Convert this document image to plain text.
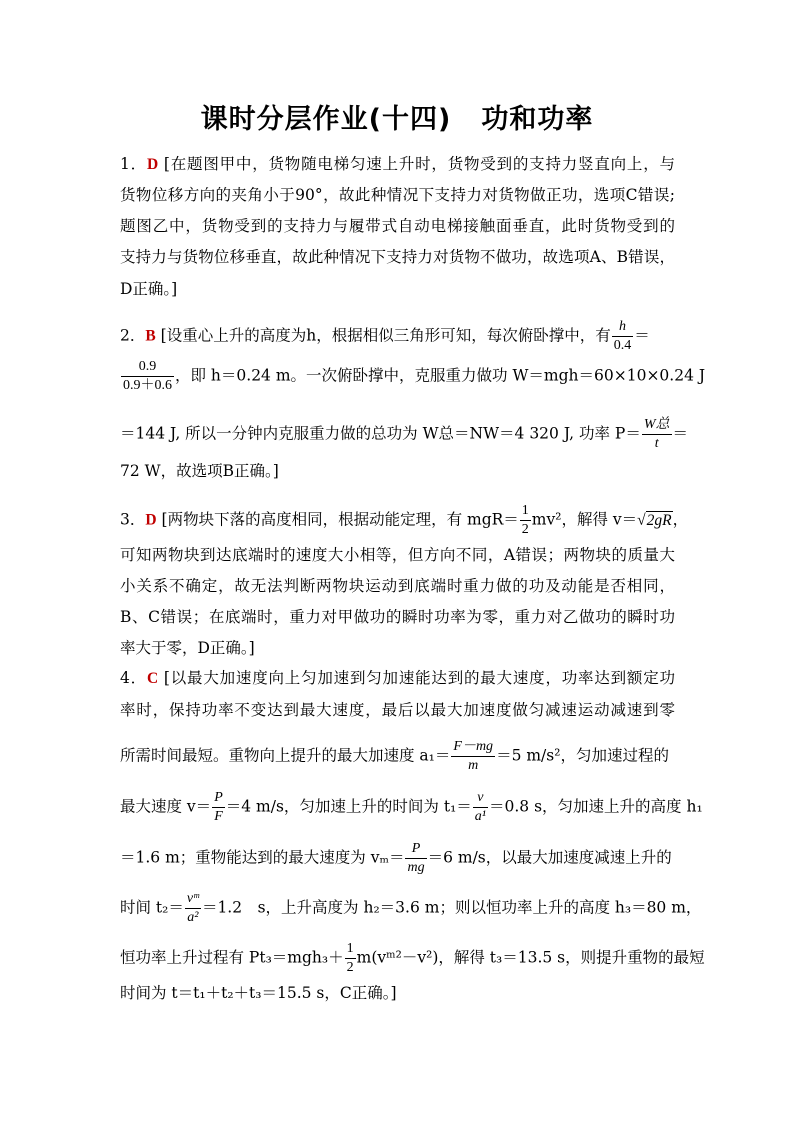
课时分层作业(十四) 功和功率
1．D [在题图甲中，货物随电梯匀速上升时，货物受到的支持力竖直向上，与
货物位移方向的夹角小于90°，故此种情况下支持力对货物做正功，选项C错误;
题图乙中，货物受到的支持力与履带式自动电梯接触面垂直，此时货物受到的
支持力与货物位移垂直，故此种情况下支持力对货物不做功，故选项A、B错误，
D正确。]
2．B [设重心上升的高度为h，根据相似三角形可知，每次俯卧撑中，有 $\frac{h}{0.4}$ ＝
$\frac{0.9}{0.9+0.6}$ ，即 h＝0.24 m。一次俯卧撑中，克服重力做功 W＝mgh＝60×10×0.24 J
＝144 J, 所以一分钟内克服重力做的总功为 W总＝NW＝4 320 J, 功率 $P= \frac{\text{W总}}{t}$ ＝
72 W，故选项B正确。]
3．D [两物块下落的高度相同，根据动能定理，有 $mgR= \frac{1}{2} mv^2$，解得 v＝√2gR，
可知两物块到达底端时的速度大小相等，但方向不同，A错误；两物块的质量大
小关系不确定，故无法判断两物块运动到底端时重力做的功及动能是否相同，
B、C错误；在底端时，重力对甲做功的瞬时功率为零，重力对乙做功的瞬时功
率大于零，D正确。]
4．C [以最大加速度向上匀加速到匀加速能达到的最大速度，功率达到额定功
率时，保持功率不变达到最大速度，最后以最大加速度做匀减速运动减速到零
所需时间最短。重物向上提升的最大加速度 $a_1= \frac{F-mg}{m} =5$ m/s²，匀加速过程的
最大速度 $v= \frac{P}{F} =4$ m/s，匀加速上升的时间为 $t_1= \frac{v}{\text{a¹}} =0.8$ s，匀加速上升的高度 h₁
＝1.6 m；重物能达到的最大速度为 $v_m= \frac{P}{mg} =6$ m/s，以最大加速度减速上升的
时间 $t_2= \frac{\text{vᵐ}}{\text{a²}} =1.2$　s，上升高度为 h₂＝3.6 m；则以恒功率上升的高度 h₃＝80 m，
恒功率上升过程有 $Pt_3=mgh_3+ \frac{1}{2}$ m(vᵐ²－v²)，解得 t₃＝13.5 s，则提升重物的最短
时间为 t＝t₁＋t₂＋t₃＝15.5 s，C正确。]
